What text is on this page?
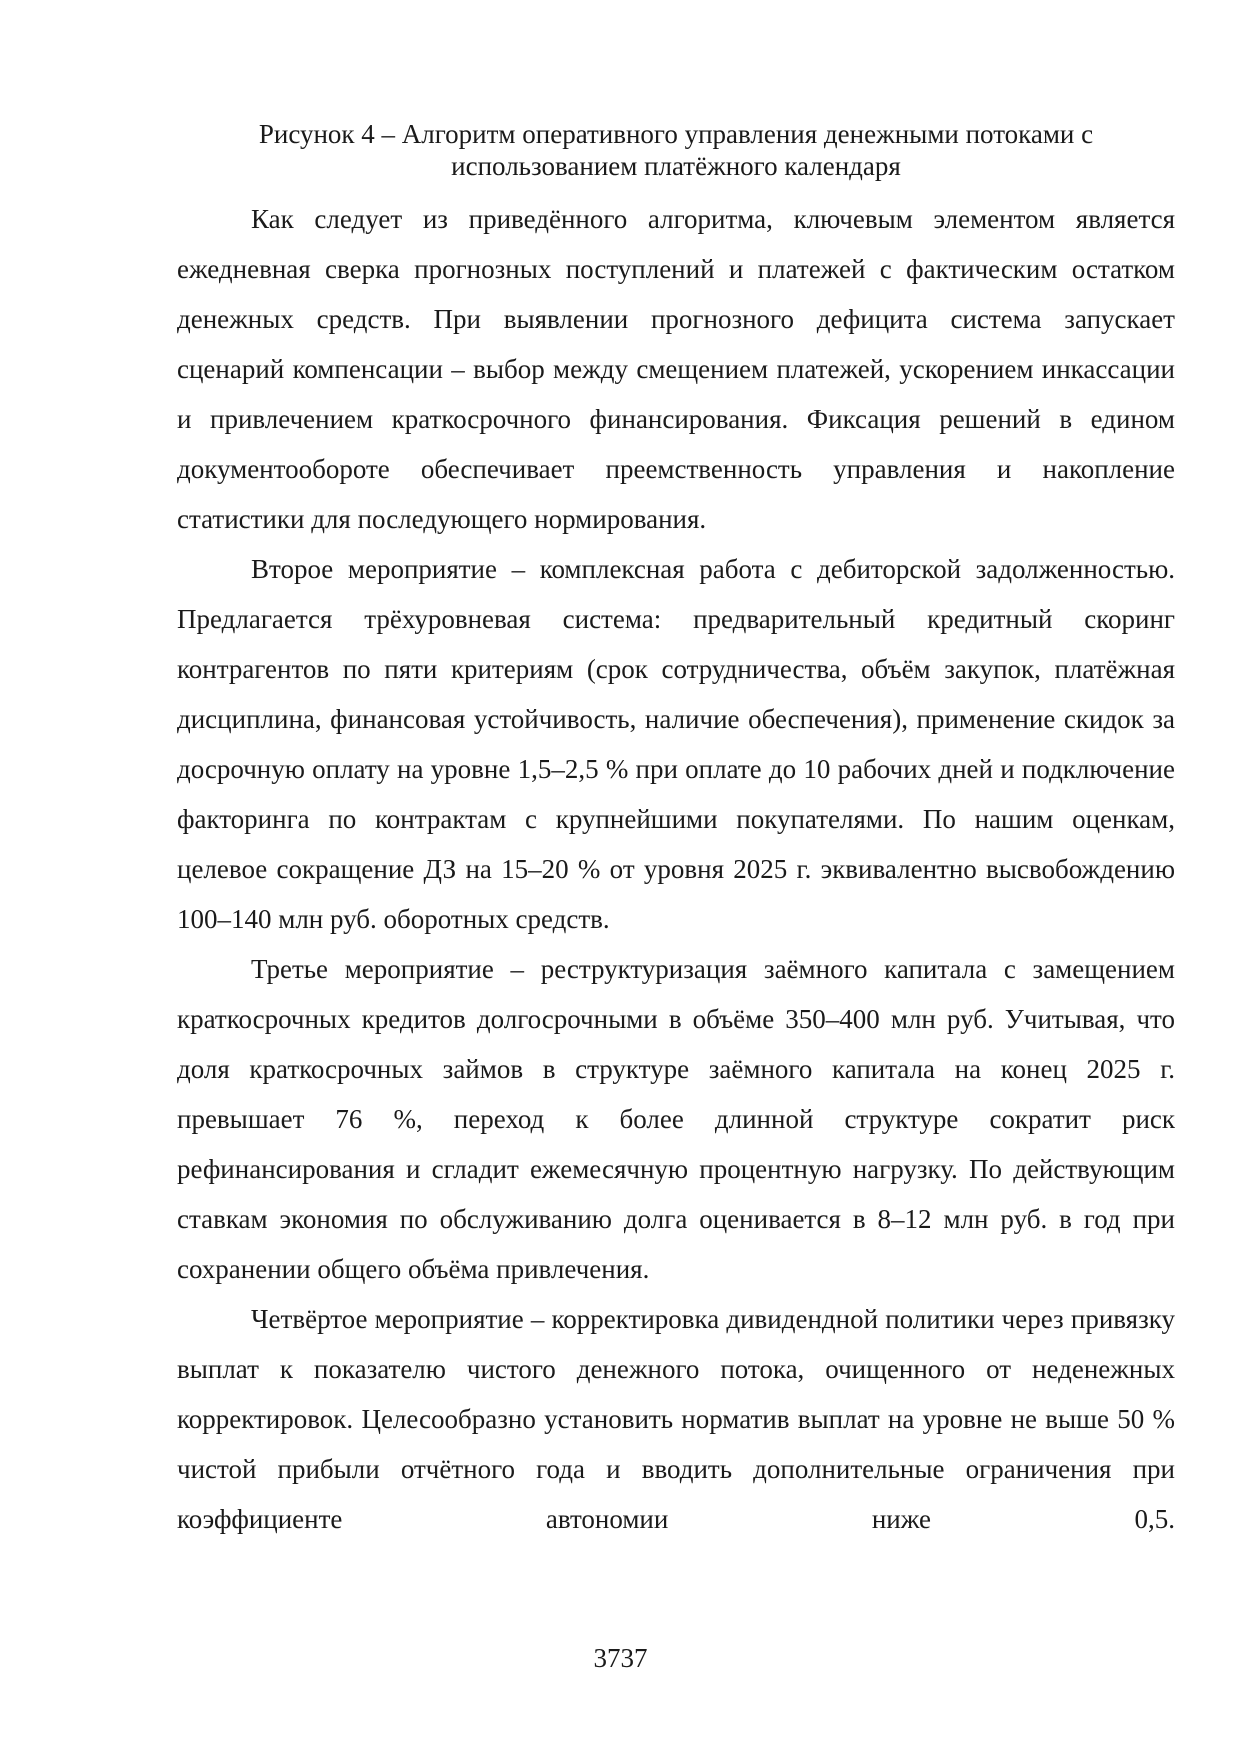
Рисунок 4 – Алгоритм оперативного управления денежными потоками с
использованием платёжного календаря

Как следует из приведённого алгоритма, ключевым элементом является ежедневная сверка прогнозных поступлений и платежей с фактическим остатком денежных средств. При выявлении прогнозного дефицита система запускает сценарий компенсации – выбор между смещением платежей, ускорением инкассации и привлечением краткосрочного финансирования. Фиксация решений в едином документообороте обеспечивает преемственность управления и накопление статистики для последующего нормирования.

Второе мероприятие – комплексная работа с дебиторской задолженностью. Предлагается трёхуровневая система: предварительный кредитный скоринг контрагентов по пяти критериям (срок сотрудничества, объём закупок, платёжная дисциплина, финансовая устойчивость, наличие обеспечения), применение скидок за досрочную оплату на уровне 1,5–2,5 % при оплате до 10 рабочих дней и подключение факторинга по контрактам с крупнейшими покупателями. По нашим оценкам, целевое сокращение ДЗ на 15–20 % от уровня 2025 г. эквивалентно высвобождению 100–140 млн руб. оборотных средств.

Третье мероприятие – реструктуризация заёмного капитала с замещением краткосрочных кредитов долгосрочными в объёме 350–400 млн руб. Учитывая, что доля краткосрочных займов в структуре заёмного капитала на конец 2025 г. превышает 76 %, переход к более длинной структуре сократит риск рефинансирования и сгладит ежемесячную процентную нагрузку. По действующим ставкам экономия по обслуживанию долга оценивается в 8–12 млн руб. в год при сохранении общего объёма привлечения.

Четвёртое мероприятие – корректировка дивидендной политики через привязку выплат к показателю чистого денежного потока, очищенного от неденежных корректировок. Целесообразно установить норматив выплат на уровне не выше 50 % чистой прибыли отчётного года и вводить дополнительные ограничения при коэффициенте автономии ниже 0,5.

3737
